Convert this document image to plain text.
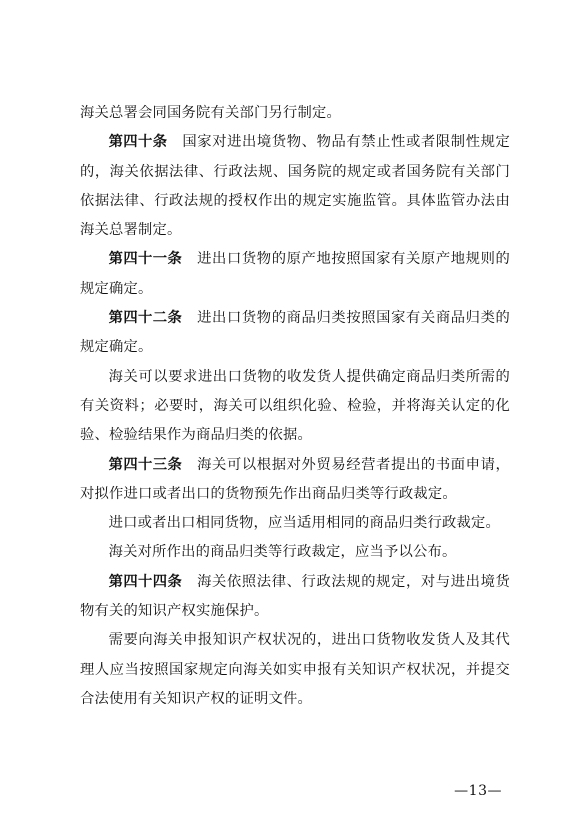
海关总署会同国务院有关部门另行制定。

第四十条　 国家对进出境货物、物品有禁止性或者限制性规定的，海关依据法律、行政法规、国务院的规定或者国务院有关部门依据法律、行政法规的授权作出的规定实施监管。具体监管办法由海关总署制定。

第四十一条　 进出口货物的原产地按照国家有关原产地规则的规定确定。

第四十二条　 进出口货物的商品归类按照国家有关商品归类的规定确定。

海关可以要求进出口货物的收发货人提供确定商品归类所需的有关资料；必要时，海关可以组织化验、检验，并将海关认定的化验、检验结果作为商品归类的依据。

第四十三条　 海关可以根据对外贸易经营者提出的书面申请，对拟作进口或者出口的货物预先作出商品归类等行政裁定。

进口或者出口相同货物，应当适用相同的商品归类行政裁定。

海关对所作出的商品归类等行政裁定，应当予以公布。

第四十四条　 海关依照法律、行政法规的规定，对与进出境货物有关的知识产权实施保护。

需要向海关申报知识产权状况的，进出口货物收发货人及其代理人应当按照国家规定向海关如实申报有关知识产权状况，并提交合法使用有关知识产权的证明文件。

—13—
